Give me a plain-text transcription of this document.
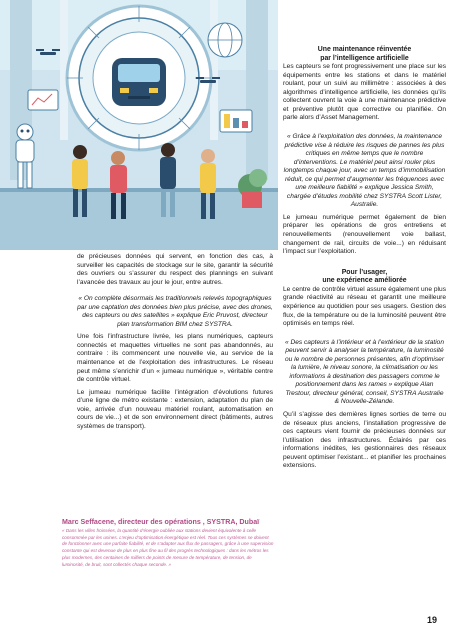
de précieuses données qui servent, en fonction des cas, à surveiller les capacités de stockage sur le site, garantir la sécurité des ouvriers ou s’assurer du respect des plannings en suivant l’avancée des travaux au jour le jour, entre autres.

« On complète désormais les traditionnels relevés topographiques par une captation des données bien plus précise, avec des drones, des capteurs ou des satellites » explique Eric Pruvost, directeur plan transformation BIM chez SYSTRA.

Une fois l’infrastructure livrée, les plans numériques, capteurs connectés et maquettes virtuelles ne sont pas abandonnés, au contraire : ils commencent une nouvelle vie, au service de la maintenance et de l’exploitation des infrastructures. Le réseau peut même s’enrichir d’un « jumeau numérique », véritable centre de contrôle virtuel.

Le jumeau numérique facilite l’intégration d’évolutions futures d’une ligne de métro existante : extension, adaptation du plan de voie, arrivée d’un nouveau matériel roulant, automatisation en cours de vie...) et de son environnement direct (bâtiments, autres systèmes de transport).

Marc Seffacene, directeur des opérations , SYSTRA, Dubaï

« Dans les villes froissées, la quantité d’énergie oubliée aux stations devient équivalente à celle consommée par les usines. L’enjeu d’optimisation énergétique est réel. Tous ces systèmes se doivent de fonctionner avec une parfaite fiabilité, et de s’adapter aux flux de passagers, grâce à une supervision constante qui est devenue de plus en plus fine au fil des progrès technologiques : dans les métros les plus modernes, des centaines de milliers de points de mesure de température, de tension, de luminosité, de bruit, sont collectés chaque seconde. »

Une maintenance réinventée
par l’intelligence artificielle

Les capteurs se font progressivement une place sur les équipements entre les stations et dans le matériel roulant, pour un suivi au millimètre : associées à des algorithmes d’intelligence artificielle, les données qu’ils collectent ouvrent la voie à une maintenance prédictive et préventive plutôt que corrective ou planifiée. On parle alors d’Asset Management.

« Grâce à l’exploitation des données, la maintenance prédictive vise à réduire les risques de pannes les plus critiques en même temps que le nombre d’interventions. Le matériel peut ainsi rouler plus longtemps chaque jour, avec un temps d’immobilisation réduit, ce qui permet d’augmenter les fréquences avec une meilleure fiabilité » explique Jessica Smith, chargée d’études mobilité chez SYSTRA Scott Lister, Australie.

Le jumeau numérique permet également de bien préparer les opérations de gros entretiens et renouvellements (renouvellement voie ballast, changement de rail, circuits de voie...) en réduisant l’impact sur l’exploitation.

Pour l’usager,
une expérience améliorée

Le centre de contrôle virtuel assure également une plus grande réactivité au réseau et garantit une meilleure expérience au quotidien pour ses usagers. Gestion des flux, de la température ou de la luminosité peuvent être optimisés en temps réel.

« Des capteurs à l’intérieur et à l’extérieur de la station peuvent servir à analyser la température, la luminosité ou le nombre de personnes présentes, afin d’optimiser la lumière, le niveau sonore, la climatisation ou les informations à destination des passagers comme le positionnement dans les rames » explique Alan Trestour, directeur général, conseil, SYSTRA Australie & Nouvelle-Zélande.

Qu’il s’agisse des dernières lignes sorties de terre ou de réseaux plus anciens, l’installation progressive de ces capteurs vient fournir de précieuses données sur l’utilisation des infrastructures. Éclairés par ces informations inédites, les gestionnaires des réseaux peuvent optimiser l’existant... et planifier les prochaines extensions.

19
